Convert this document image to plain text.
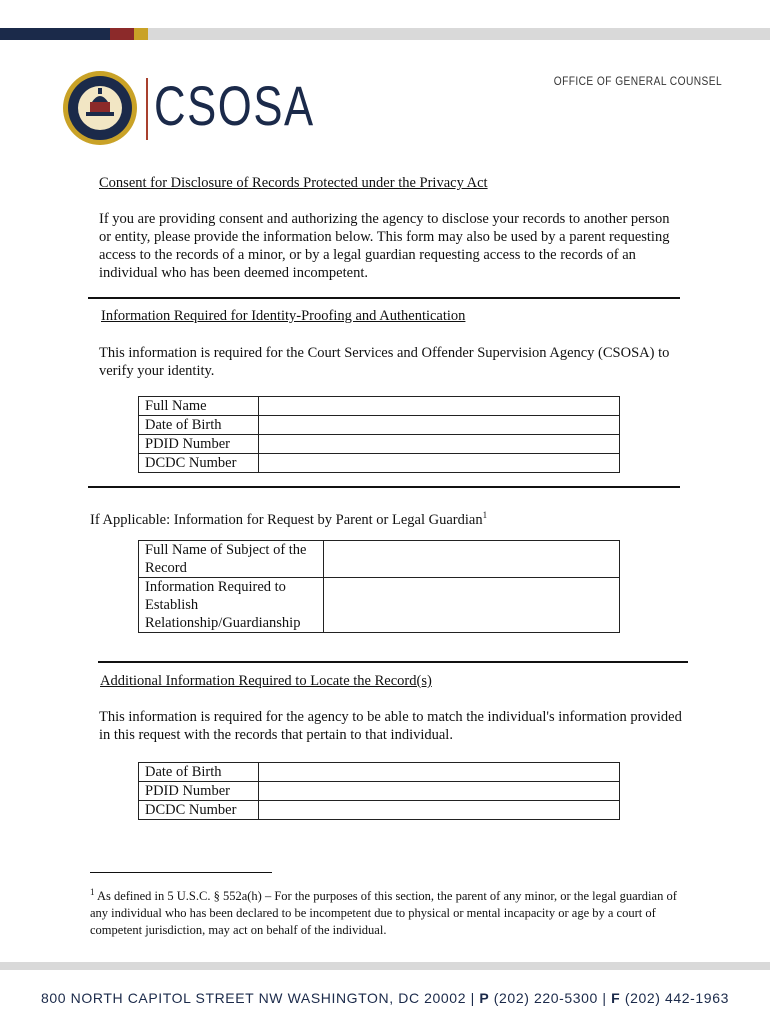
CSOSA	OFFICE OF GENERAL COUNSEL
Consent for Disclosure of Records Protected under the Privacy Act
If you are providing consent and authorizing the agency to disclose your records to another person or entity, please provide the information below. This form may also be used by a parent requesting access to the records of a minor, or by a legal guardian requesting access to the records of an individual who has been deemed incompetent.
Information Required for Identity-Proofing and Authentication
This information is required for the Court Services and Offender Supervision Agency (CSOSA) to verify your identity.
Full Name	
Date of Birth	
PDID Number	
DCDC Number	
If Applicable: Information for Request by Parent or Legal Guardian$^1$
Full Name of Subject of the Record	
Information Required to Establish Relationship/Guardianship	
Additional Information Required to Locate the Record(s)
This information is required for the agency to be able to match the individual's information provided in this request with the records that pertain to that individual.
Date of Birth	
PDID Number	
DCDC Number	
$^1$ As defined in 5 U.S.C. § 552a(h) – For the purposes of this section, the parent of any minor, or the legal guardian of any individual who has been declared to be incompetent due to physical or mental incapacity or age by a court of competent jurisdiction, may act on behalf of the individual.
800 NORTH CAPITOL STREET NW WASHINGTON, DC 20002 | P (202) 220-5300 | F (202) 442-1963
